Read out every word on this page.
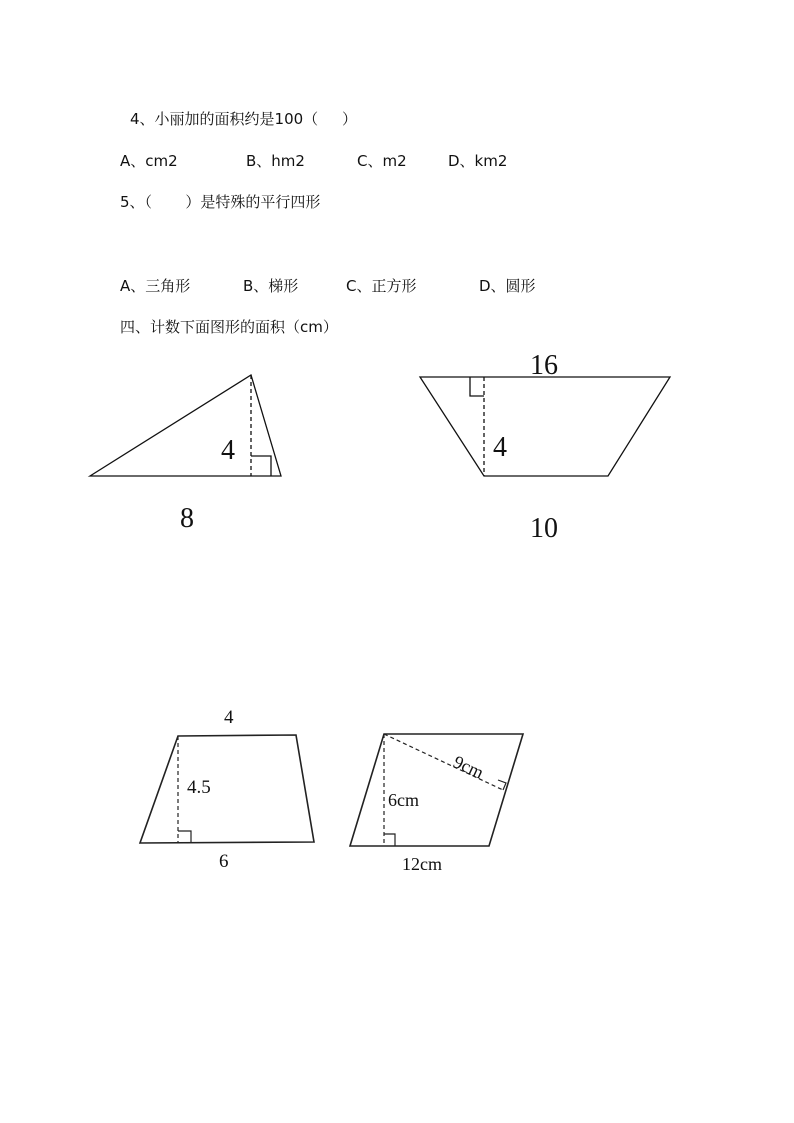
4、小丽加的面积约是100（     ）
A、cm2	B、hm2	C、m2	D、km2
5、（       ）是特殊的平行四形
A、三角形	B、梯形	C、正方形	D、圆形
四、计数下面图形的面积（cm）
4
8
16
4
10
4
4.5
6
6cm
9cm
12cm
